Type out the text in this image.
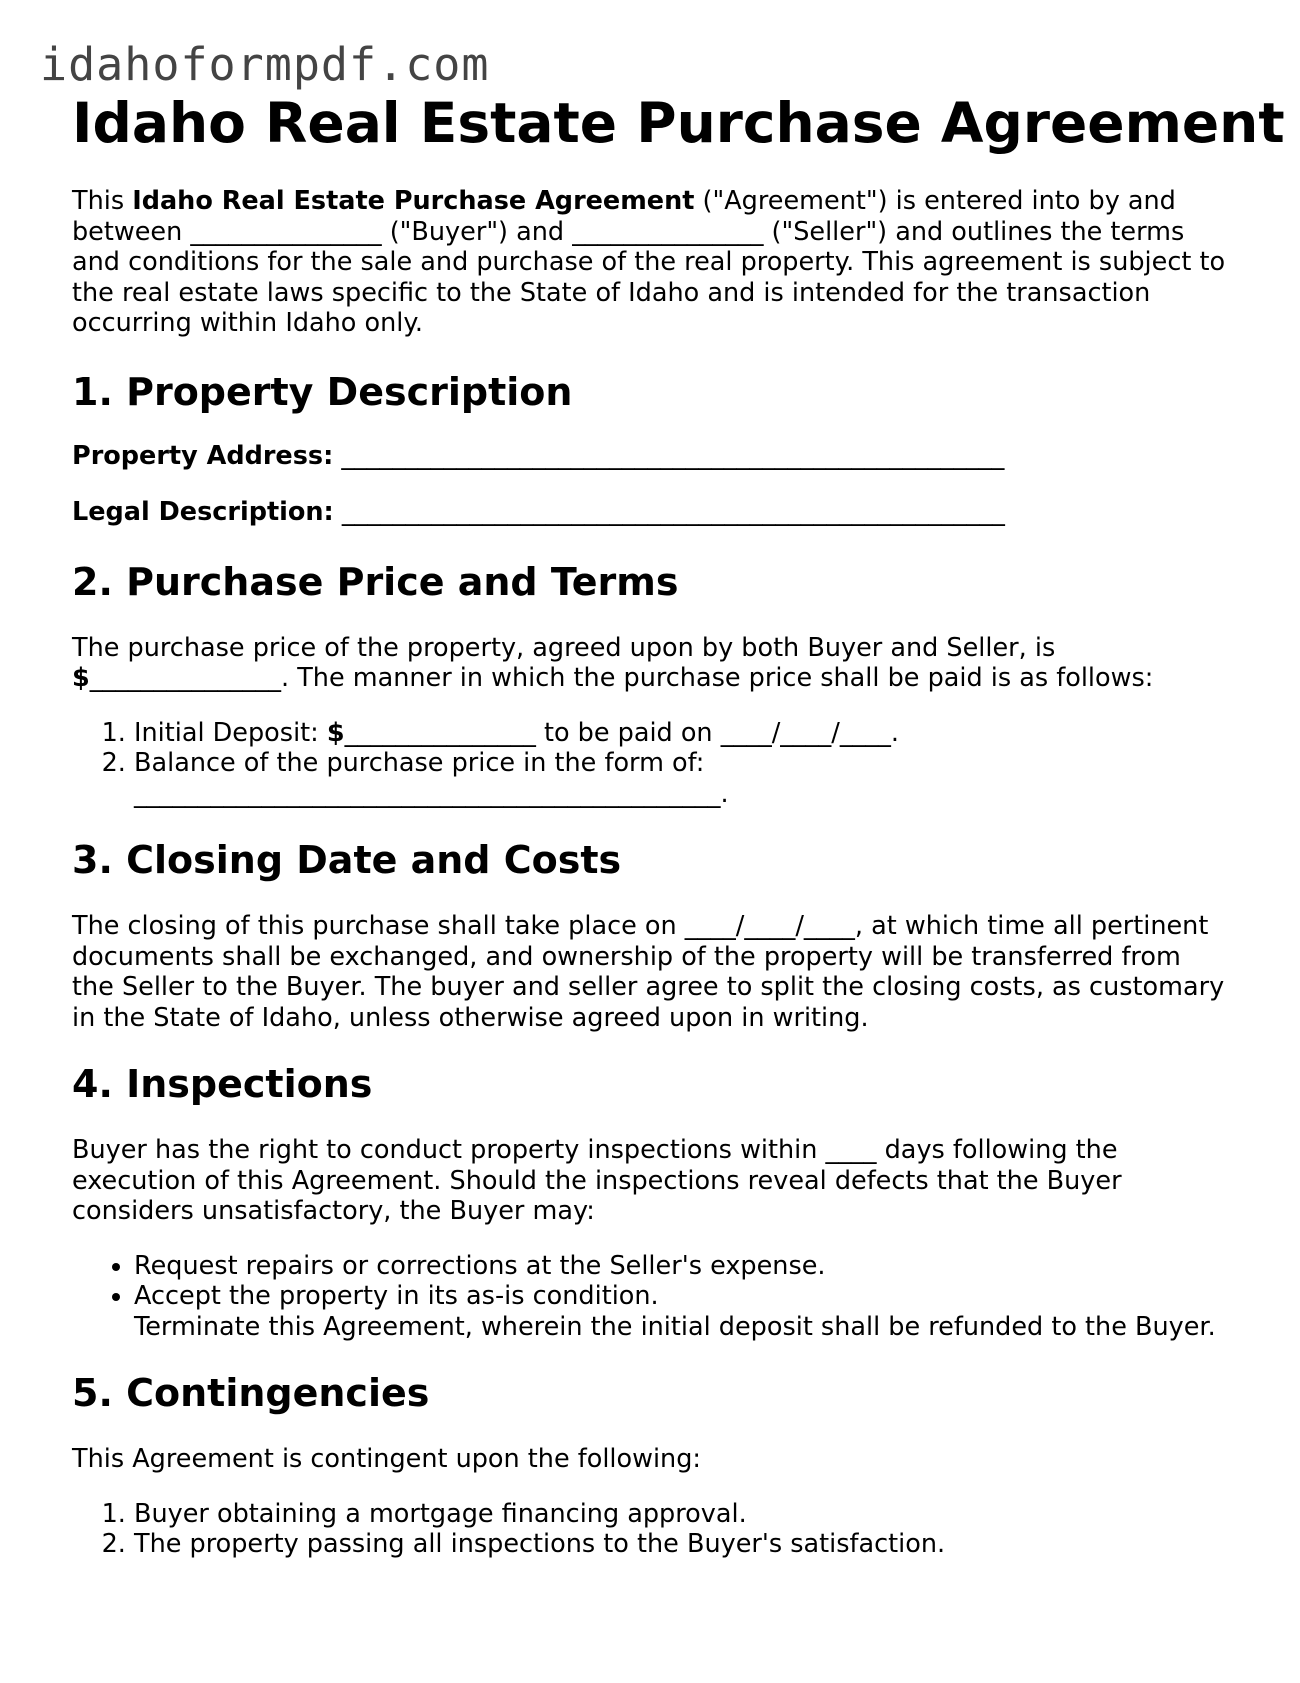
idahoformpdf.com
Idaho Real Estate Purchase Agreement

This Idaho Real Estate Purchase Agreement ("Agreement") is entered into by and
between _______________ ("Buyer") and _______________ ("Seller") and outlines the terms
and conditions for the sale and purchase of the real property. This agreement is subject to
the real estate laws specific to the State of Idaho and is intended for the transaction
occurring within Idaho only.

1. Property Description
Property Address: ____________________________________________________
Legal Description: ____________________________________________________
2. Purchase Price and Terms

The purchase price of the property, agreed upon by both Buyer and Seller, is
$_______________. The manner in which the purchase price shall be paid is as follows:

1. Initial Deposit: $_______________ to be paid on ____/____/____.
2. Balance of the purchase price in the form of:
______________________________________________.
3. Closing Date and Costs

The closing of this purchase shall take place on ____/____/____, at which time all pertinent
documents shall be exchanged, and ownership of the property will be transferred from
the Seller to the Buyer. The buyer and seller agree to split the closing costs, as customary
in the State of Idaho, unless otherwise agreed upon in writing.

4. Inspections

Buyer has the right to conduct property inspections within ____ days following the
execution of this Agreement. Should the inspections reveal defects that the Buyer
considers unsatisfactory, the Buyer may:

• Request repairs or corrections at the Seller's expense.
• Accept the property in its as-is condition.
Terminate this Agreement, wherein the initial deposit shall be refunded to the Buyer.
5. Contingencies

This Agreement is contingent upon the following:

1. Buyer obtaining a mortgage financing approval.
2. The property passing all inspections to the Buyer's satisfaction.
